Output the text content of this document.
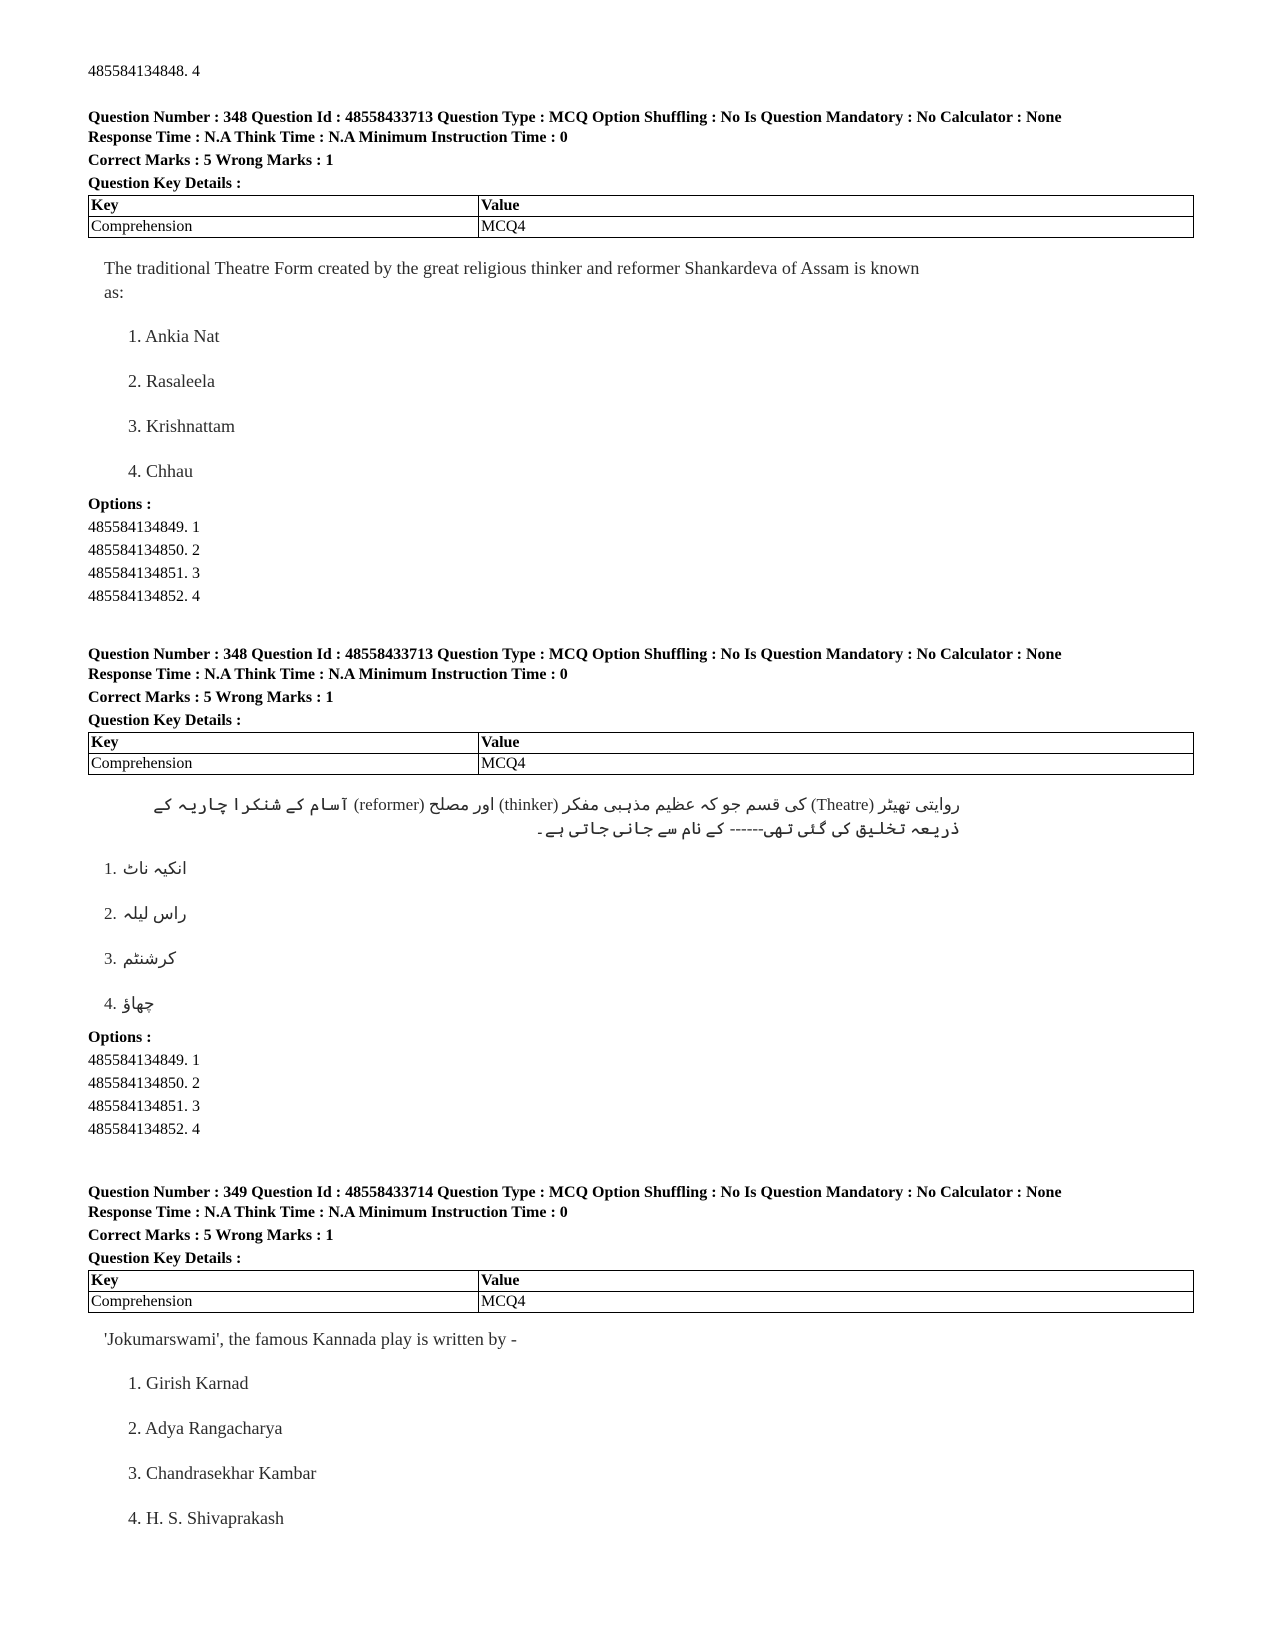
485584134848. 4
Question Number : 348 Question Id : 48558433713 Question Type : MCQ Option Shuffling : No Is Question Mandatory : No Calculator : None
Response Time : N.A Think Time : N.A Minimum Instruction Time : 0
Correct Marks : 5 Wrong Marks : 1
Question Key Details :
Key	Value
Comprehension	MCQ4
The traditional Theatre Form created by the great religious thinker and reformer Shankardeva of Assam is known as:
1. Ankia Nat
2. Rasaleela
3. Krishnattam
4. Chhau
Options :
485584134849. 1
485584134850. 2
485584134851. 3
485584134852. 4
Question Number : 348 Question Id : 48558433713 Question Type : MCQ Option Shuffling : No Is Question Mandatory : No Calculator : None
Response Time : N.A Think Time : N.A Minimum Instruction Time : 0
Correct Marks : 5 Wrong Marks : 1
Question Key Details :
Key	Value
Comprehension	MCQ4
روایتی تھیٹر (Theatre) کی قسم جو کہ عظیم مذہبی مفکر (thinker) اور مصلح (reformer) آسام کے شنکرا چاریہ کے ذریعہ تخلیق کی گئی تھی------ کے نام سے جانی جاتی ہے۔
1. انکیہ ناٹ
2. راس لیلہ
3. کرشنٹم
4. چھاؤ
Options :
485584134849. 1
485584134850. 2
485584134851. 3
485584134852. 4
Question Number : 349 Question Id : 48558433714 Question Type : MCQ Option Shuffling : No Is Question Mandatory : No Calculator : None
Response Time : N.A Think Time : N.A Minimum Instruction Time : 0
Correct Marks : 5 Wrong Marks : 1
Question Key Details :
Key	Value
Comprehension	MCQ4
'Jokumarswami', the famous Kannada play is written by -
1. Girish Karnad
2. Adya Rangacharya
3. Chandrasekhar Kambar
4. H. S. Shivaprakash
